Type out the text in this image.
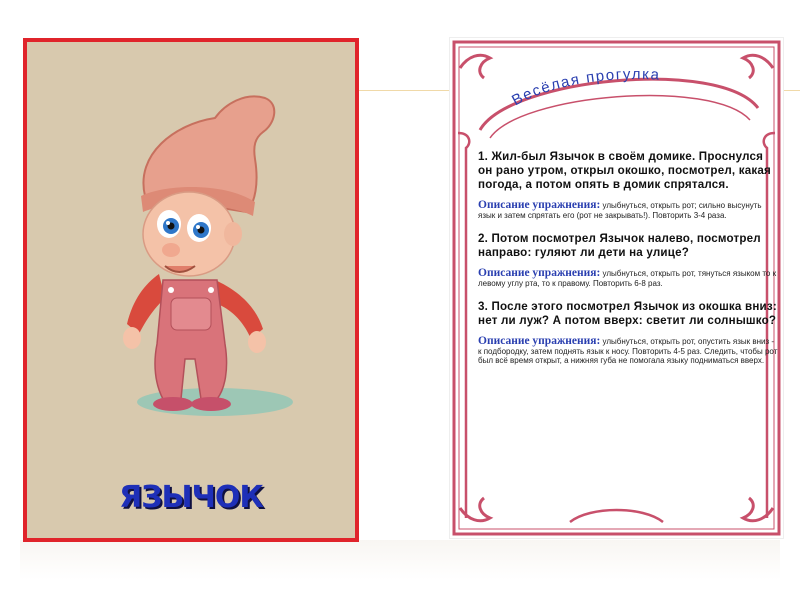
ЯЗЫЧОК
Весёлая прогулка
1. Жил-был Язычок в своём домике. Проснулся он рано утром, открыл окошко, посмотрел, какая погода, а потом опять в домик спрятался.
Описание упражнения: улыбнуться, открыть рот; сильно высунуть язык и затем спрятать его (рот не закрывать!). Повторить 3-4 раза.
2. Потом посмотрел Язычок налево, посмотрел направо: гуляют ли дети на улице?
Описание упражнения: улыбнуться, открыть рот, тянуться языком то к левому углу рта, то к правому. Повторить 6-8 раз.
3. После этого посмотрел Язычок из окошка вниз: нет ли луж? А потом вверх: светит ли солнышко?
Описание упражнения: улыбнуться, открыть рот, опустить язык вниз - к подбородку, затем поднять язык к носу. Повторить 4-5 раз. Следить, чтобы рот был всё время открыт, а нижняя губа не помогала языку подниматься вверх.
